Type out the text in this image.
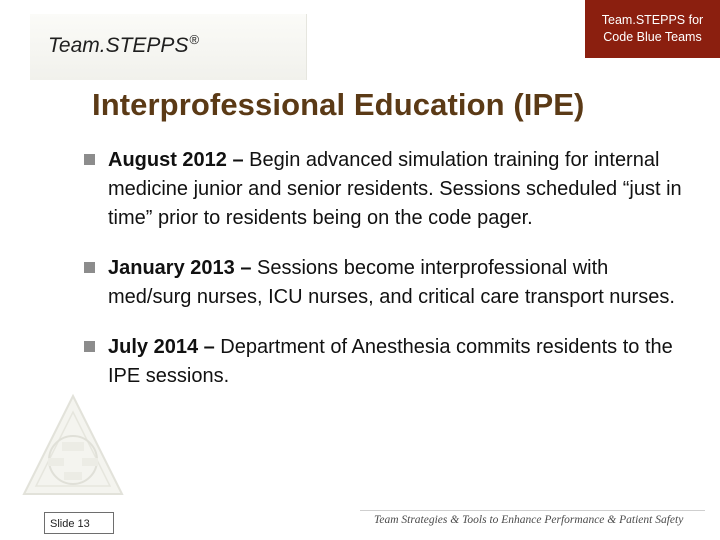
Team.STEPPS®
Team.STEPPS for Code Blue Teams
Interprofessional Education (IPE)
August 2012 – Begin advanced simulation training for internal medicine junior and senior residents. Sessions scheduled “just in time” prior to residents being on the code pager.
January 2013 – Sessions become interprofessional with med/surg nurses, ICU nurses, and critical care transport nurses.
July 2014 – Department of Anesthesia commits residents to the IPE sessions.
Slide 13	Team Strategies & Tools to Enhance Performance & Patient Safety
